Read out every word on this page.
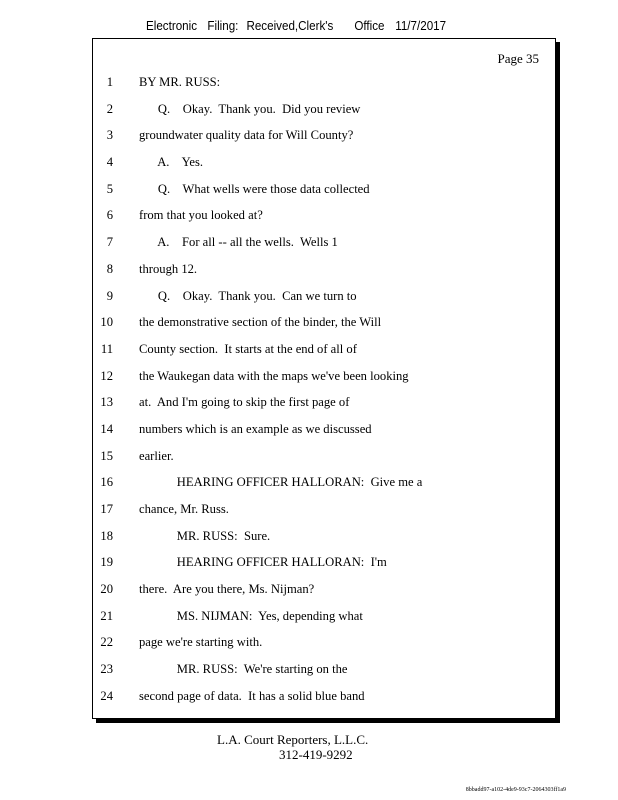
Electronic Filing: Received,Clerk's Office 11/7/2017
Page 35
1 BY MR. RUSS:
2 Q.    Okay.  Thank you.  Did you review
3 groundwater quality data for Will County?
4 A.    Yes.
5 Q.    What wells were those data collected
6 from that you looked at?
7 A.    For all -- all the wells.  Wells 1
8 through 12.
9 Q.    Okay.  Thank you.  Can we turn to
10 the demonstrative section of the binder, the Will
11 County section.  It starts at the end of all of
12 the Waukegan data with the maps we've been looking
13 at.  And I'm going to skip the first page of
14 numbers which is an example as we discussed
15 earlier.
16 HEARING OFFICER HALLORAN:  Give me a
17 chance, Mr. Russ.
18 MR. RUSS:  Sure.
19 HEARING OFFICER HALLORAN:  I'm
20 there.  Are you there, Ms. Nijman?
21 MS. NIJMAN:  Yes, depending what
22 page we're starting with.
23 MR. RUSS:  We're starting on the
24 second page of data.  It has a solid blue band
L.A. Court Reporters, L.L.C.
312-419-9292
8bbadd97-a102-4de9-93c7-2064303ff1a9
